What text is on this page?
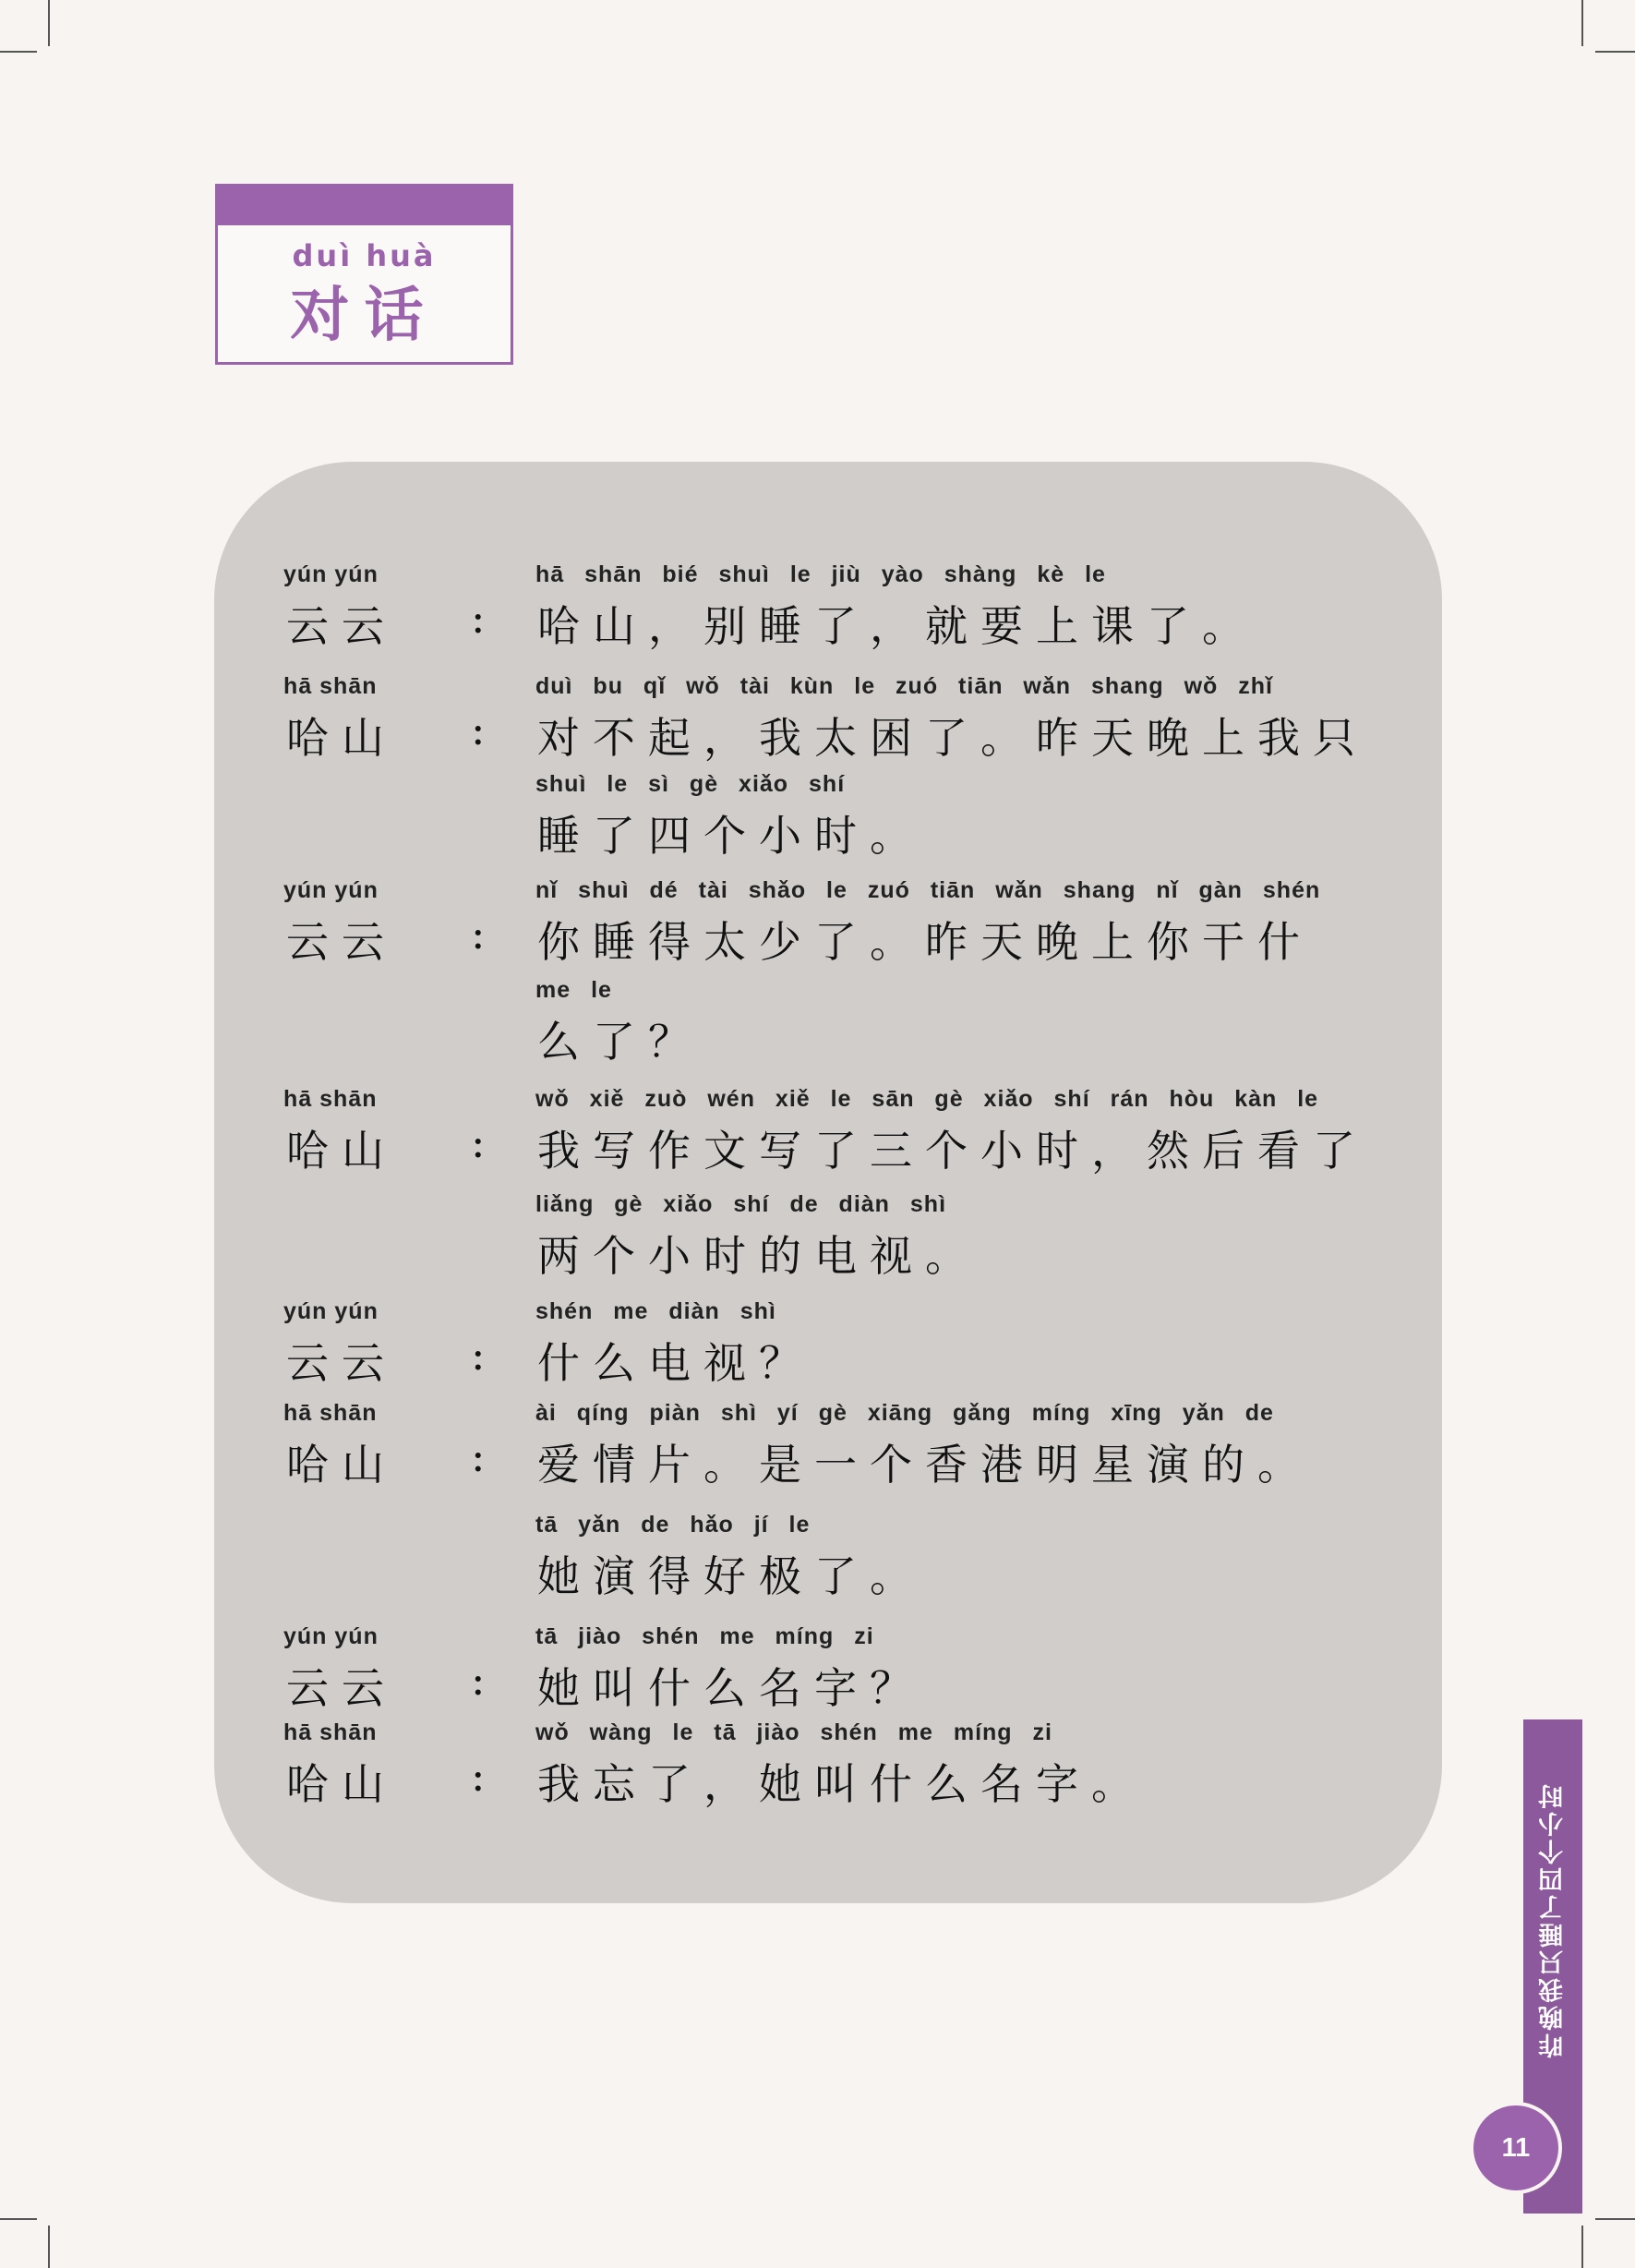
duì huà
对话
yún yún
云云 :
hā shān bié shuì le jiù yào shàng kè le
哈山，别睡了，就要上课了。
hā shān
哈山 :
duì bu qǐ wǒ tài kùn le zuó tiān wǎn shang wǒ zhǐ
对不起，我太困了。昨天晚上我只
shuì le sì gè xiǎo shí
睡了四个小时。
yún yún
云云 :
nǐ shuì dé tài shǎo le zuó tiān wǎn shang nǐ gàn shén
你睡得太少了。昨天晚上你干什
me le
么了？
hā shān
哈山 :
wǒ xiě zuò wén xiě le sān gè xiǎo shí rán hòu kàn le
我写作文写了三个小时，然后看了
liǎng gè xiǎo shí de diàn shì
两个小时的电视。
yún yún
云云 :
shén me diàn shì
什么电视？
hā shān
哈山 :
ài qíng piàn shì yí gè xiāng gǎng míng xīng yǎn de
爱情片。是一个香港明星演的。
tā yǎn de hǎo jí le
她演得好极了。
yún yún
云云 :
tā jiào shén me míng zi
她叫什么名字？
hā shān
哈山 :
wǒ wàng le tā jiào shén me míng zi
我忘了，她叫什么名字。	昨晚我只睡了四个小时
11
